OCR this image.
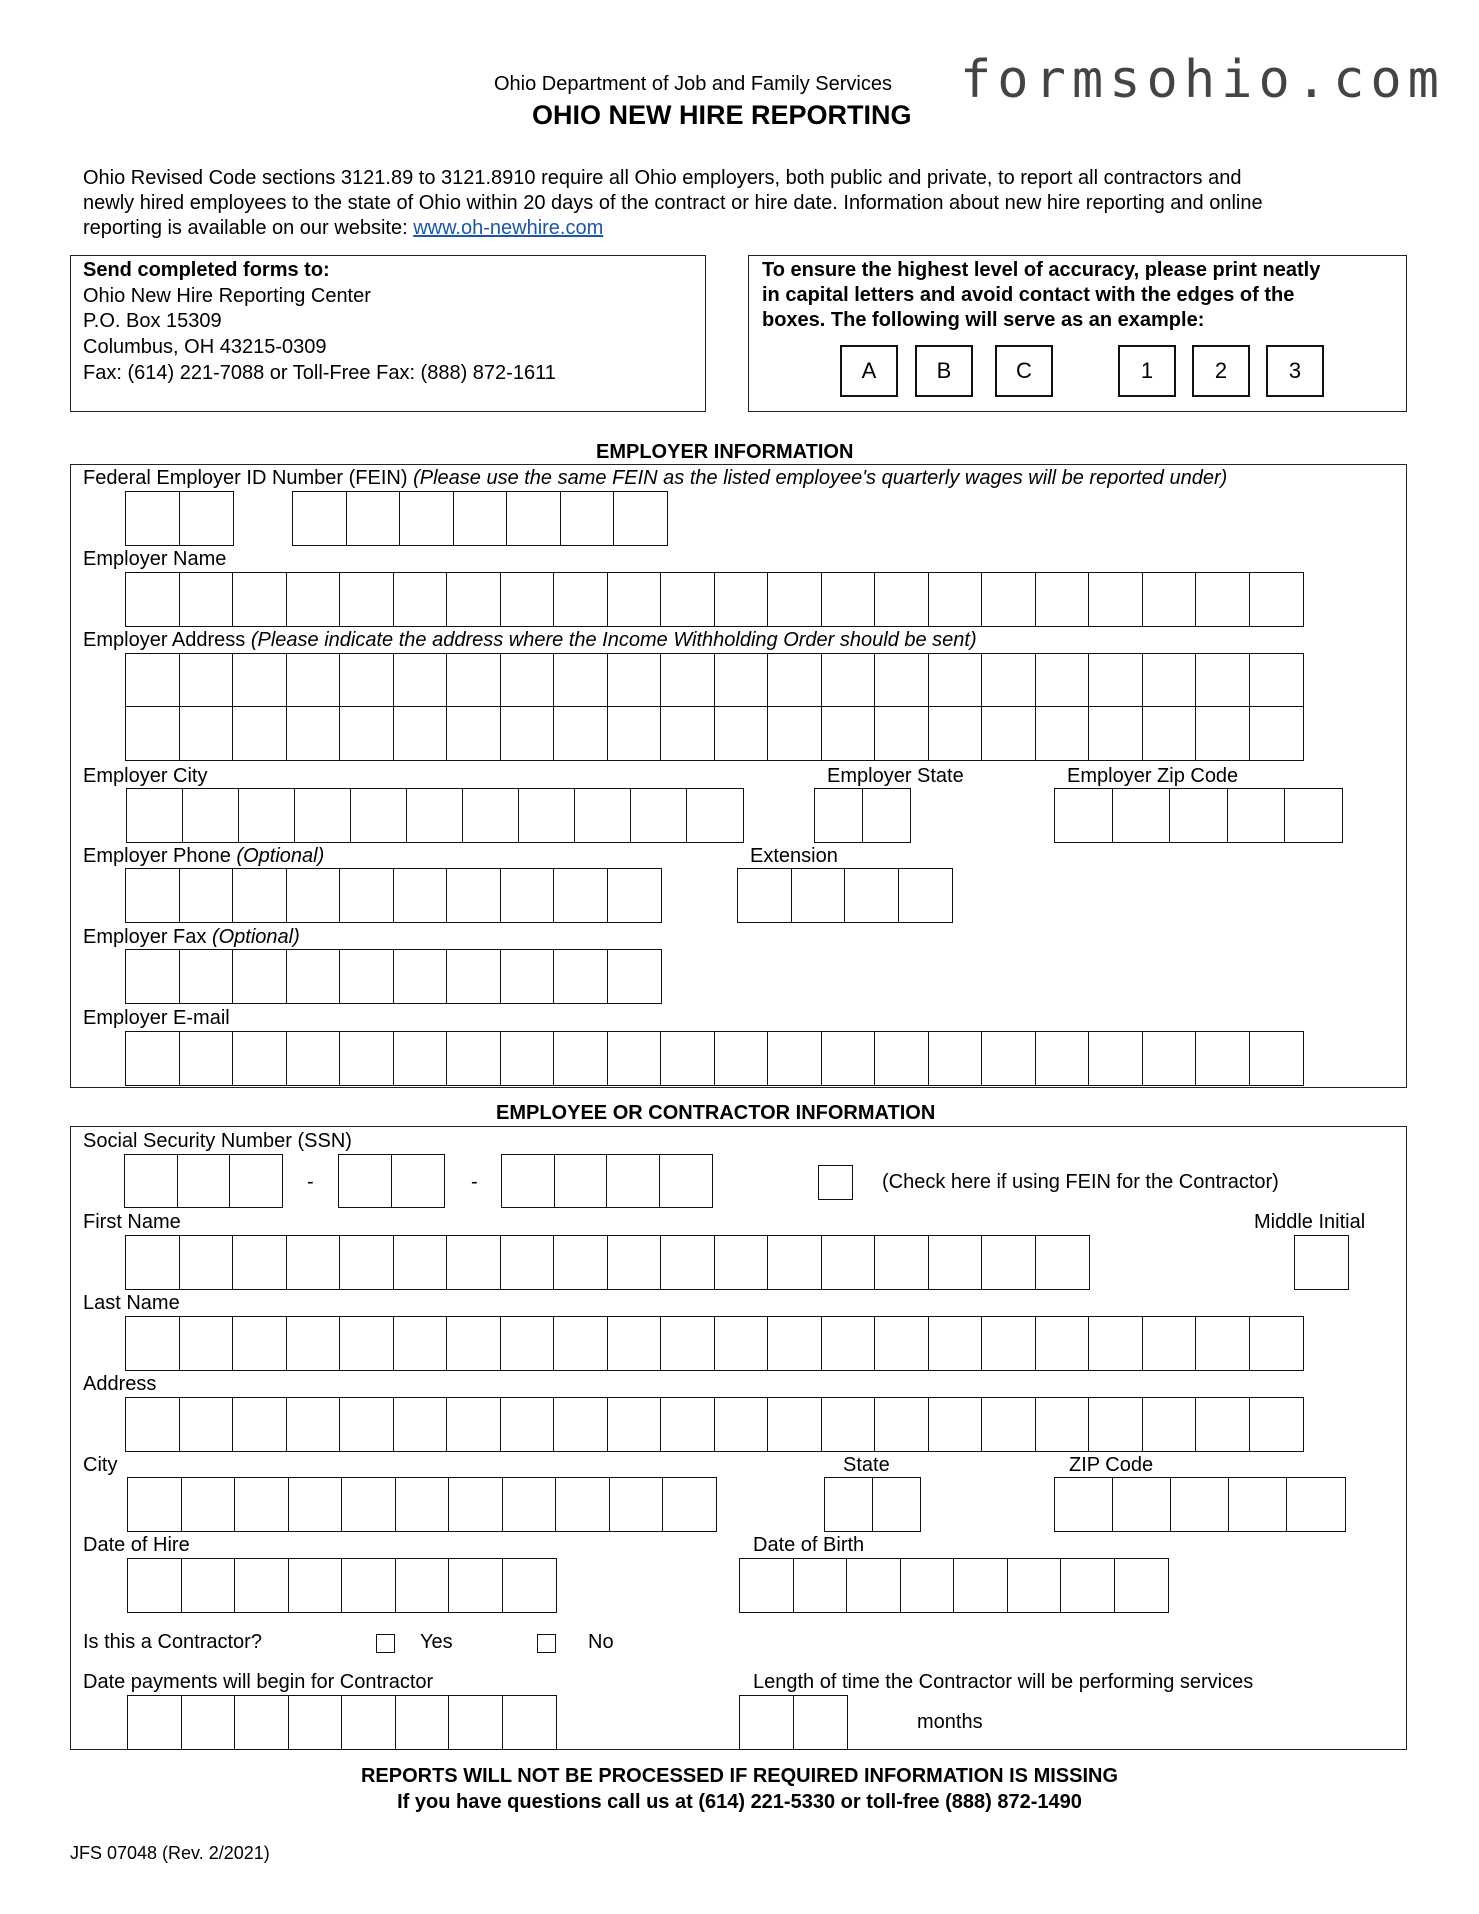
formsohio.com
Ohio Department of Job and Family Services
OHIO NEW HIRE REPORTING
Ohio Revised Code sections 3121.89 to 3121.8910 require all Ohio employers, both public and private, to report all contractors and
newly hired employees to the state of Ohio within 20 days of the contract or hire date. Information about new hire reporting and online
reporting is available on our website: www.oh-newhire.com
Send completed forms to:
Ohio New Hire Reporting Center
P.O. Box 15309
Columbus, OH 43215-0309
Fax: (614) 221-7088 or Toll-Free Fax: (888) 872-1611
To ensure the highest level of accuracy, please print neatly
in capital letters and avoid contact with the edges of the
boxes. The following will serve as an example:
A	B	C	1	2	3
EMPLOYER INFORMATION
Federal Employer ID Number (FEIN) (Please use the same FEIN as the listed employee's quarterly wages will be reported under)
Employer Name
Employer Address (Please indicate the address where the Income Withholding Order should be sent)
Employer City	Employer State	Employer Zip Code
Employer Phone (Optional)	Extension
Employer Fax (Optional)
Employer E-mail
EMPLOYEE OR CONTRACTOR INFORMATION
Social Security Number (SSN)
-	-	(Check here if using FEIN for the Contractor)
First Name	Middle Initial
Last Name
Address
City	State	ZIP Code
Date of Hire	Date of Birth
Is this a Contractor?	Yes	No
Date payments will begin for Contractor	Length of time the Contractor will be performing services
months
REPORTS WILL NOT BE PROCESSED IF REQUIRED INFORMATION IS MISSING
If you have questions call us at (614) 221-5330 or toll-free (888) 872-1490
JFS 07048 (Rev. 2/2021)
